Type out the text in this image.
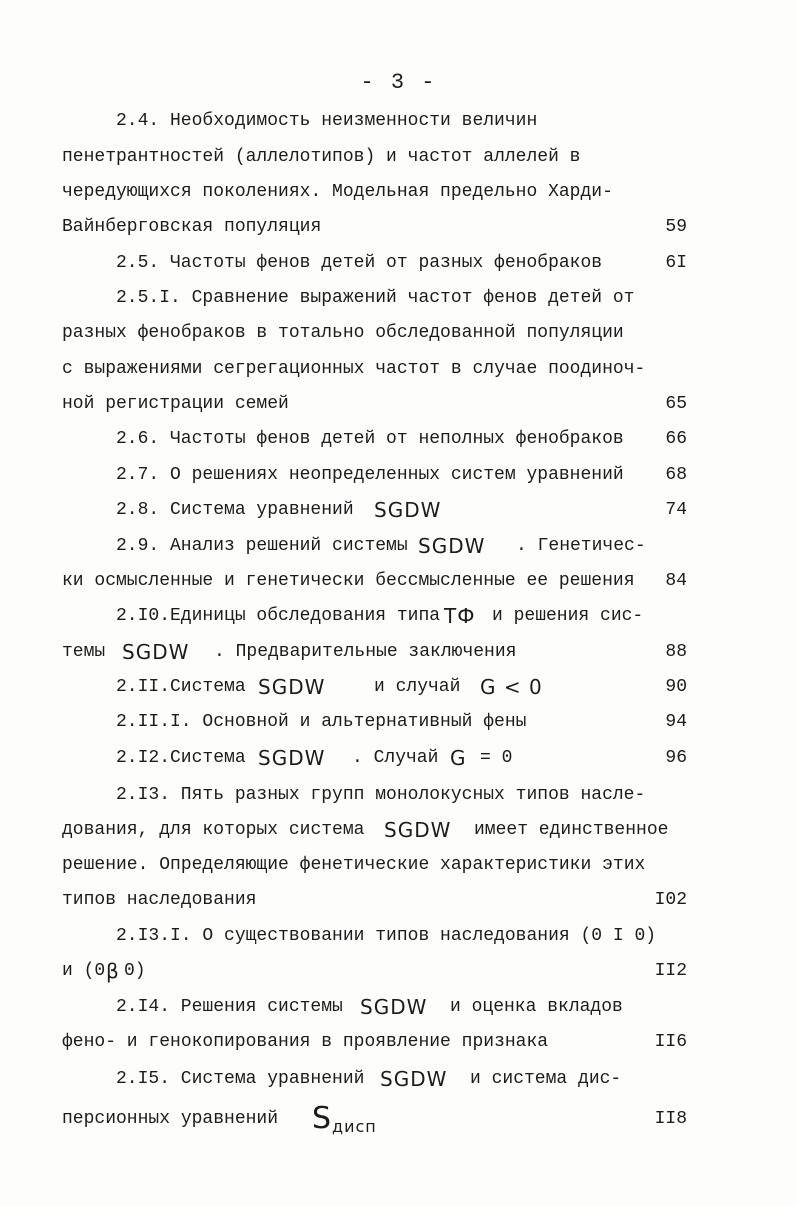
- 3 -
2.4. Необходимость неизменности величин
пенетрантностей (аллелотипов) и частот аллелей в
чередующихся поколениях. Модельная предельно Харди-
Вайнберговская популяция	59
2.5. Частоты фенов детей от разных фенобраков	6I
2.5.I. Сравнение выражений частот фенов детей от
разных фенобраков в тотально обследованной популяции
с выражениями сегрегационных частот в случае поодиноч-
ной регистрации семей	65
2.6. Частоты фенов детей от неполных фенобраков 66
2.7. О решениях неопределенных систем уравнений 68
2.8. Система уравнений SGDW	74
2.9. Анализ решений системы SGDW . Генетичес-
ки осмысленные и генетически бессмысленные ее решения 84
2.I0.Единицы обследования типа ТФ и решения сис-
темы SGDW . Предварительные заключения	88
2.II.Система SGDW	и случай G < 0	90
2.II.I. Основной и альтернативный фены	94
2.I2.Система SGDW . Случай G = 0	96
2.I3. Пять разных групп монолокусных типов насле-
дования, для которых система SGDW имеет единственное
решение. Определяющие фенетические характеристики этих
типов наследования	I02
2.I3.I. О существовании типов наследования (0 I 0)
и (0 β 0)	II2
2.I4. Решения системы SGDW и оценка вкладов
фено- и генокопирования в проявление признака	II6
2.I5. Система уравнений SGDW и система дис-
персионных уравнений $S_{дисп}$	II8
